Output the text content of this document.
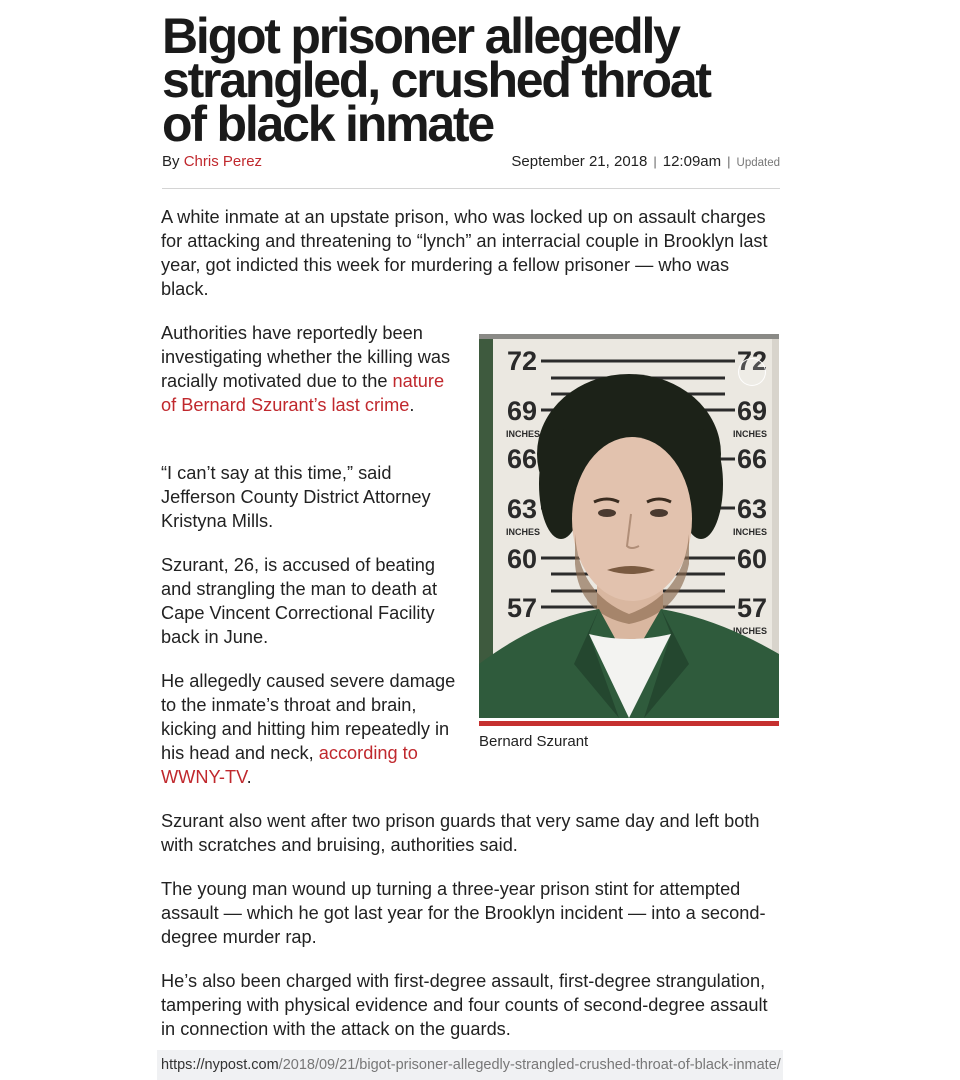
Bigot prisoner allegedly
strangled, crushed throat
of black inmate
By Chris Perez	September 21, 2018 | 12:09am | Updated

A white inmate at an upstate prison, who was locked up on assault charges for attacking and threatening to “lynch” an interracial couple in Brooklyn last year, got indicted this week for murdering a fellow prisoner — who was black.

Authorities have reportedly been investigating whether the killing was racially motivated due to the nature of Bernard Szurant’s last crime.

“I can’t say at this time,” said Jefferson County District Attorney Kristyna Mills.

Szurant, 26, is accused of beating and strangling the man to death at Cape Vincent Correctional Facility back in June.

He allegedly caused severe damage to the inmate’s throat and brain, kicking and hitting him repeatedly in his head and neck, according to WWNY-TV.

72	72
69	69
INCHES	INCHES
66	66
63	63
INCHES	INCHES
60	60
57	57
INCHES
Bernard Szurant

Szurant also went after two prison guards that very same day and left both with scratches and bruising, authorities said.

The young man wound up turning a three-year prison stint for attempted assault — which he got last year for the Brooklyn incident — into a second-degree murder rap.

He’s also been charged with first-degree assault, first-degree strangulation, tampering with physical evidence and four counts of second-degree assault in connection with the attack on the guards.

https://nypost.com/2018/09/21/bigot-prisoner-allegedly-strangled-crushed-throat-of-black-inmate/
